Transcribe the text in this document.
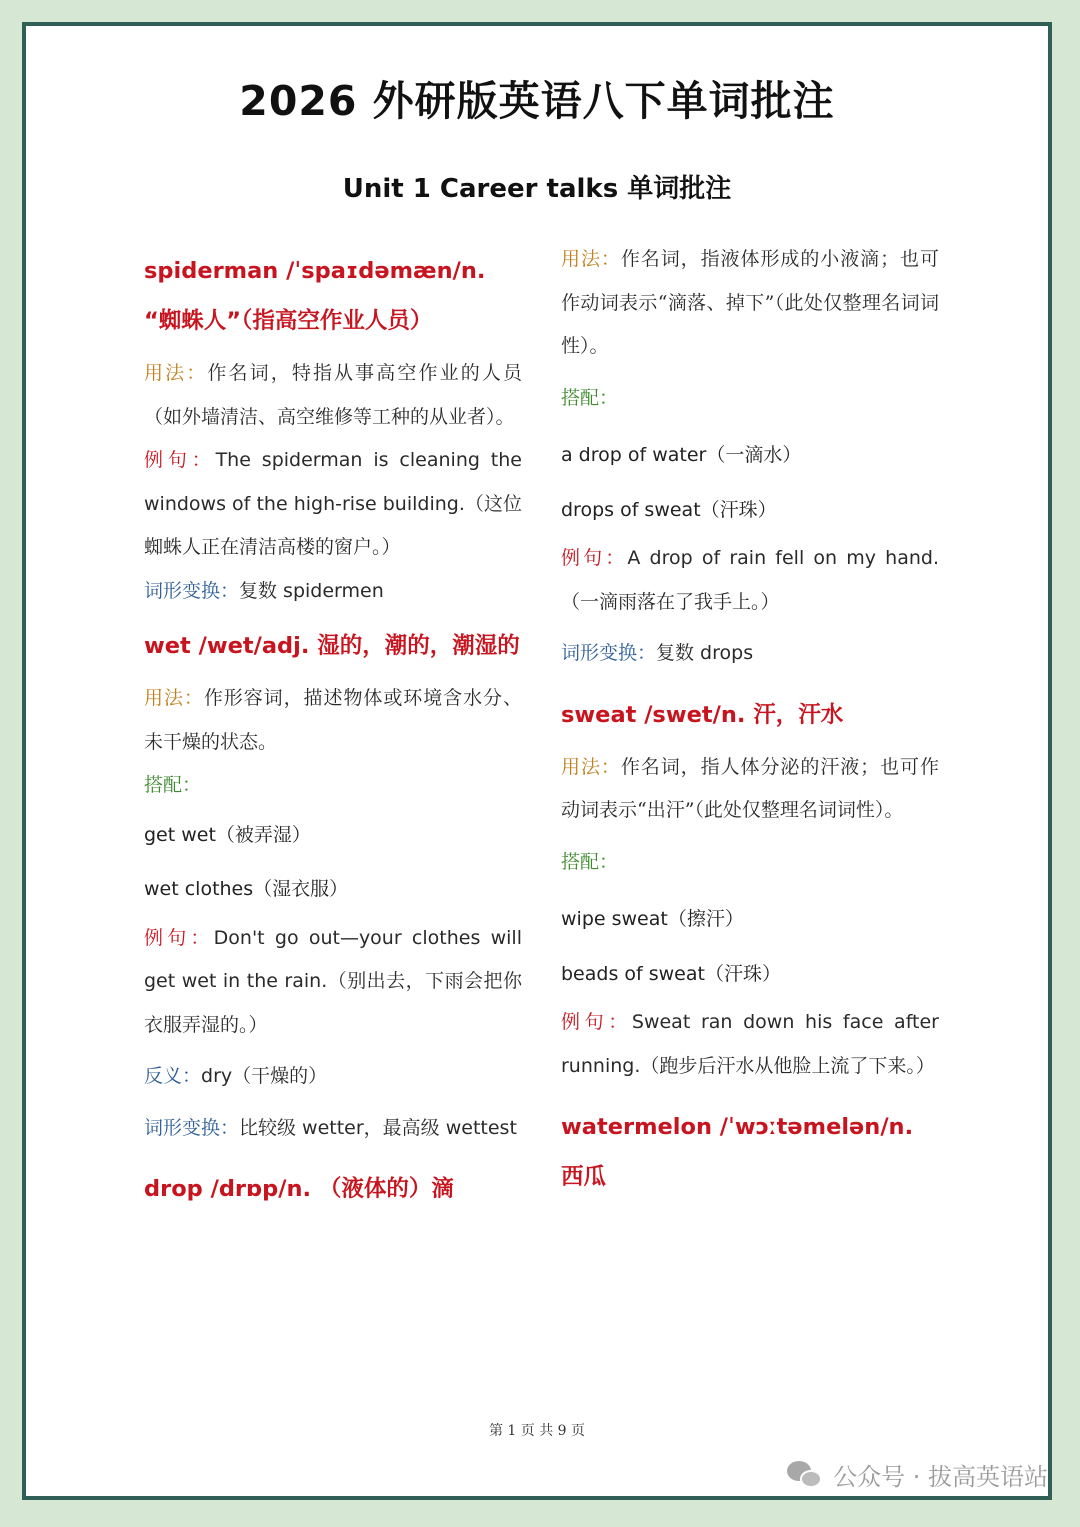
2026 外研版英语八下单词批注
Unit 1 Career talks 单词批注
spiderman /ˈspaɪdəmæn/n. “蜘蛛人”（指高空作业人员）

用法：作名词，特指从事高空作业的人员（如外墙清洁、高空维修等工种的从业者）。

例句：The spiderman is cleaning the windows of the high-rise building.（这位蜘蛛人正在清洁高楼的窗户。）

词形变换：复数 spidermen

wet /wet/adj. 湿的，潮的，潮湿的

用法：作形容词，描述物体或环境含水分、未干燥的状态。

搭配：

get wet（被弄湿）

wet clothes（湿衣服）

例句：Don't go out—your clothes will get wet in the rain.（别出去，下雨会把你衣服弄湿的。）

反义：dry（干燥的）

词形变换：比较级 wetter，最高级 wettest

drop /drɒp/n. （液体的）滴

用法：作名词，指液体形成的小液滴；也可作动词表示“滴落、掉下”（此处仅整理名词词性）。

搭配：

a drop of water（一滴水）

drops of sweat（汗珠）

例句：A drop of rain fell on my hand.（一滴雨落在了我手上。）

词形变换：复数 drops

sweat /swet/n. 汗，汗水

用法：作名词，指人体分泌的汗液；也可作动词表示“出汗”（此处仅整理名词词性）。

搭配：

wipe sweat（擦汗）

beads of sweat（汗珠）

例句：Sweat ran down his face after running.（跑步后汗水从他脸上流了下来。）

watermelon /ˈwɔːtəmelən/n. 西瓜
第 1 页 共 9 页
公众号 · 拔高英语站
